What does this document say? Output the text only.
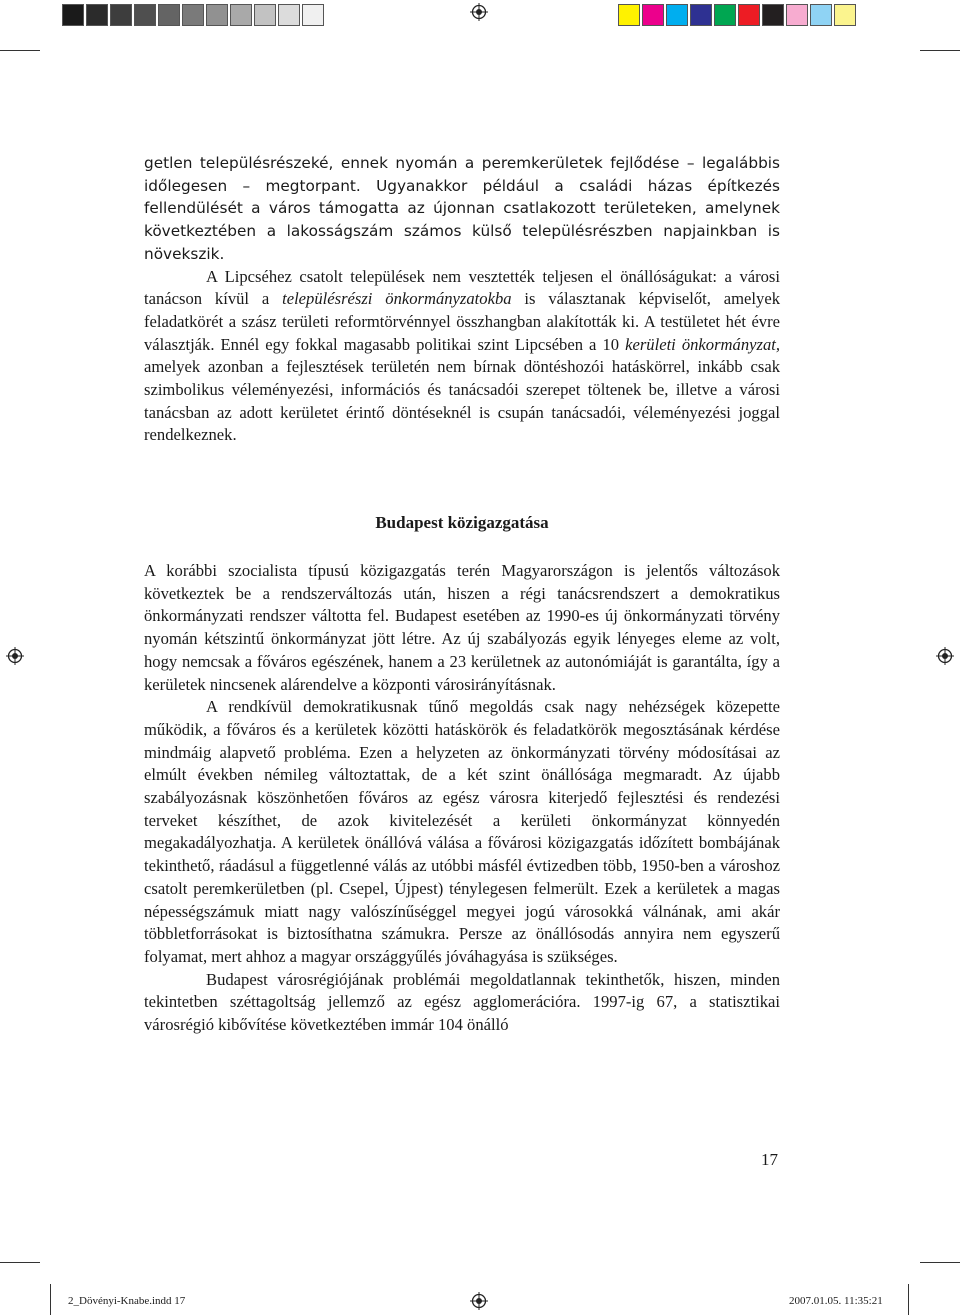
getlen településrészeké, ennek nyomán a peremkerületek fejlődése – legalábbis időlegesen – megtorpant. Ugyanakkor például a családi házas építkezés fellendülését a város támogatta az újonnan csatlakozott területeken, amelynek következtében a lakosságszám számos külső településrészben napjainkban is növekszik.

A Lipcséhez csatolt települések nem vesztették teljesen el önállóságukat: a városi tanácson kívül a településrészi önkormányzatokba is választanak képviselőt, amelyek feladatkörét a szász területi reformtörvénnyel összhangban alakították ki. A testületet hét évre választják. Ennél egy fokkal magasabb politikai szint Lipcsében a 10 kerületi önkormányzat, amelyek azonban a fejlesztések területén nem bírnak döntéshozói hatáskörrel, inkább csak szimbolikus véleményezési, információs és tanácsadói szerepet töltenek be, illetve a városi tanácsban az adott kerületet érintő döntéseknél is csupán tanácsadói, véleményezési joggal rendelkeznek.

Budapest közigazgatása

A korábbi szocialista típusú közigazgatás terén Magyarországon is jelentős változások következtek be a rendszerváltozás után, hiszen a régi tanácsrendszert a demokratikus önkormányzati rendszer váltotta fel. Budapest esetében az 1990-es új önkormányzati törvény nyomán kétszintű önkormányzat jött létre. Az új szabályozás egyik lényeges eleme az volt, hogy nemcsak a főváros egészének, hanem a 23 kerületnek az autonómiáját is garantálta, így a kerületek nincsenek alárendelve a központi városirányításnak.

A rendkívül demokratikusnak tűnő megoldás csak nagy nehézségek közepette működik, a főváros és a kerületek közötti hatáskörök és feladatkörök megosztásának kérdése mindmáig alapvető probléma. Ezen a helyzeten az önkormányzati törvény módosításai az elmúlt években némileg változtattak, de a két szint önállósága megmaradt. Az újabb szabályozásnak köszönhetően főváros az egész városra kiterjedő fejlesztési és rendezési terveket készíthet, de azok kivitelezését a kerületi önkormányzat könnyedén megakadályozhatja. A kerületek önállóvá válása a fővárosi közigazgatás időzített bombájának tekinthető, ráadásul a függetlenné válás az utóbbi másfél évtizedben több, 1950-ben a városhoz csatolt peremkerületben (pl. Csepel, Újpest) ténylegesen felmerült. Ezek a kerületek a magas népességszámuk miatt nagy valószínűséggel megyei jogú városokká válnának, ami akár többletforrásokat is biztosíthatna számukra. Persze az önállósodás annyira nem egyszerű folyamat, mert ahhoz a magyar országgyűlés jóváhagyása is szükséges.

Budapest városrégiójának problémái megoldatlannak tekinthetők, hiszen, minden tekintetben széttagoltság jellemző az egész agglomerációra. 1997-ig 67, a statisztikai városrégió kibővítése következtében immár 104 önálló

17
2_Dövényi-Knabe.indd 17	2007.01.05. 11:35:21
